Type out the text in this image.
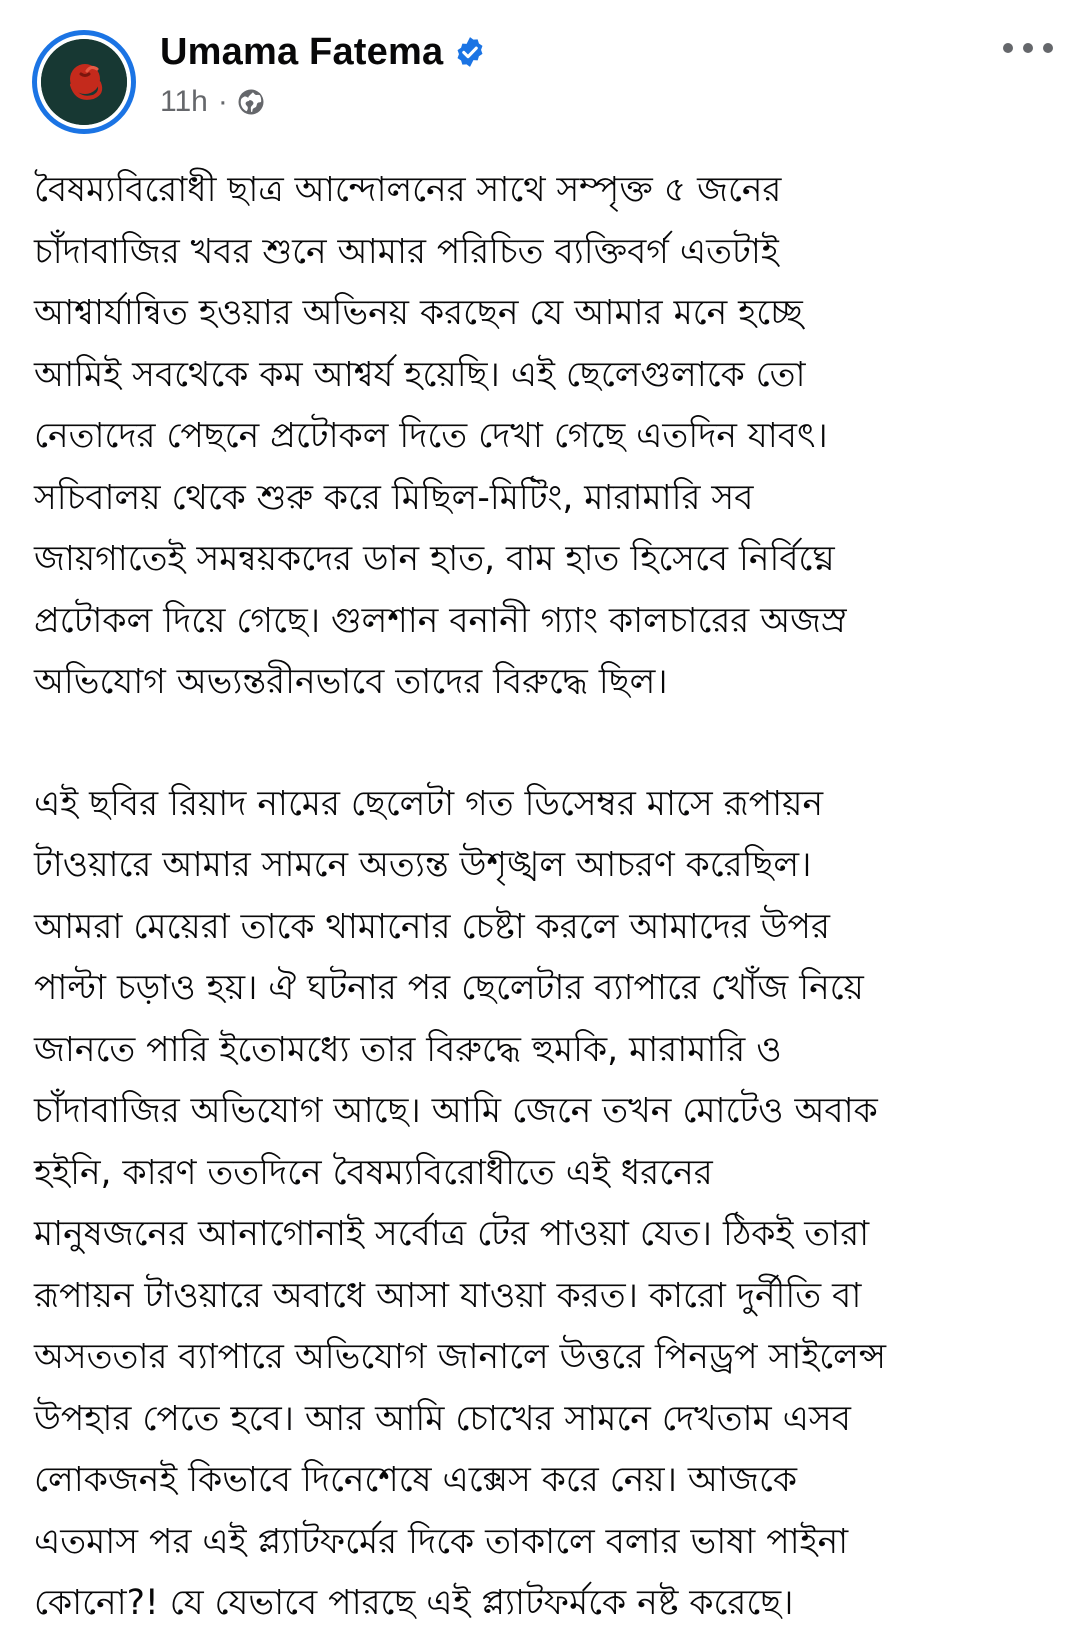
Umama Fatema
11h ·

বৈষম্যবিরোধী ছাত্র আন্দোলনের সাথে সম্পৃক্ত ৫ জনের
চাঁদাবাজির খবর শুনে আমার পরিচিত ব্যক্তিবর্গ এতটাই
আশ্বার্যান্বিত হওয়ার অভিনয় করছেন যে আমার মনে হচ্ছে
আমিই সবথেকে কম আশ্বর্য হয়েছি। এই ছেলেগুলাকে তো
নেতাদের পেছনে প্রটোকল দিতে দেখা গেছে এতদিন যাবৎ।
সচিবালয় থেকে শুরু করে মিছিল-মিটিং, মারামারি সব
জায়গাতেই সমন্বয়কদের ডান হাত, বাম হাত হিসেবে নির্বিঘ্নে
প্রটোকল দিয়ে গেছে। গুলশান বনানী গ্যাং কালচারের অজস্র
অভিযোগ অভ্যন্তরীনভাবে তাদের বিরুদ্ধে ছিল।

এই ছবির রিয়াদ নামের ছেলেটা গত ডিসেম্বর মাসে রূপায়ন
টাওয়ারে আমার সামনে অত্যন্ত উশৃঙ্খল আচরণ করেছিল।
আমরা মেয়েরা তাকে থামানোর চেষ্টা করলে আমাদের উপর
পাল্টা চড়াও হয়। ঐ ঘটনার পর ছেলেটার ব্যাপারে খোঁজ নিয়ে
জানতে পারি ইতোমধ্যে তার বিরুদ্ধে হুমকি, মারামারি ও
চাঁদাবাজির অভিযোগ আছে। আমি জেনে তখন মোটেও অবাক
হইনি, কারণ ততদিনে বৈষম্যবিরোধীতে এই ধরনের
মানুষজনের আনাগোনাই সর্বোত্র টের পাওয়া যেত। ঠিকই তারা
রূপায়ন টাওয়ারে অবাধে আসা যাওয়া করত। কারো দুর্নীতি বা
অসততার ব্যাপারে অভিযোগ জানালে উত্তরে পিনড্রপ সাইলেন্স
উপহার পেতে হবে। আর আমি চোখের সামনে দেখতাম এসব
লোকজনই কিভাবে দিনেশেষে এক্সেস করে নেয়। আজকে
এতমাস পর এই প্ল্যাটফর্মের দিকে তাকালে বলার ভাষা পাইনা
কোনো?! যে যেভাবে পারছে এই প্ল্যাটফর্মকে নষ্ট করেছে।
